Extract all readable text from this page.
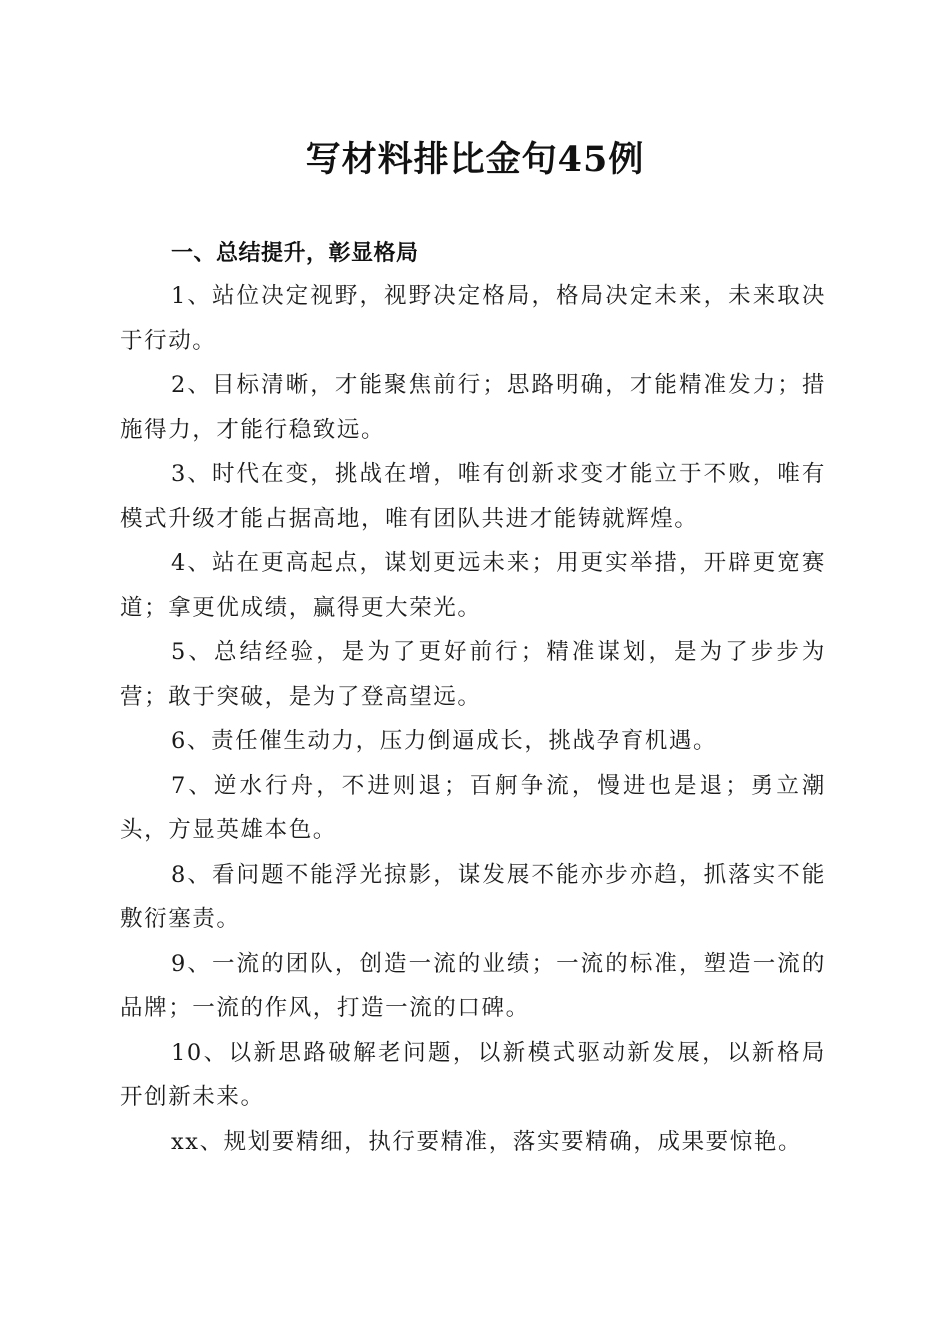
写材料排比金句45例

一、总结提升，彰显格局

1、站位决定视野，视野决定格局，格局决定未来，未来取决于行动。

2、目标清晰，才能聚焦前行；思路明确，才能精准发力；措施得力，才能行稳致远。

3、时代在变，挑战在增，唯有创新求变才能立于不败，唯有模式升级才能占据高地，唯有团队共进才能铸就辉煌。

4、站在更高起点，谋划更远未来；用更实举措，开辟更宽赛道；拿更优成绩，赢得更大荣光。

5、总结经验，是为了更好前行；精准谋划，是为了步步为营；敢于突破，是为了登高望远。

6、责任催生动力，压力倒逼成长，挑战孕育机遇。

7、逆水行舟，不进则退；百舸争流，慢进也是退；勇立潮头，方显英雄本色。

8、看问题不能浮光掠影，谋发展不能亦步亦趋，抓落实不能敷衍塞责。

9、一流的团队，创造一流的业绩；一流的标准，塑造一流的品牌；一流的作风，打造一流的口碑。

10、以新思路破解老问题，以新模式驱动新发展，以新格局开创新未来。

xx、规划要精细，执行要精准，落实要精确，成果要惊艳。
